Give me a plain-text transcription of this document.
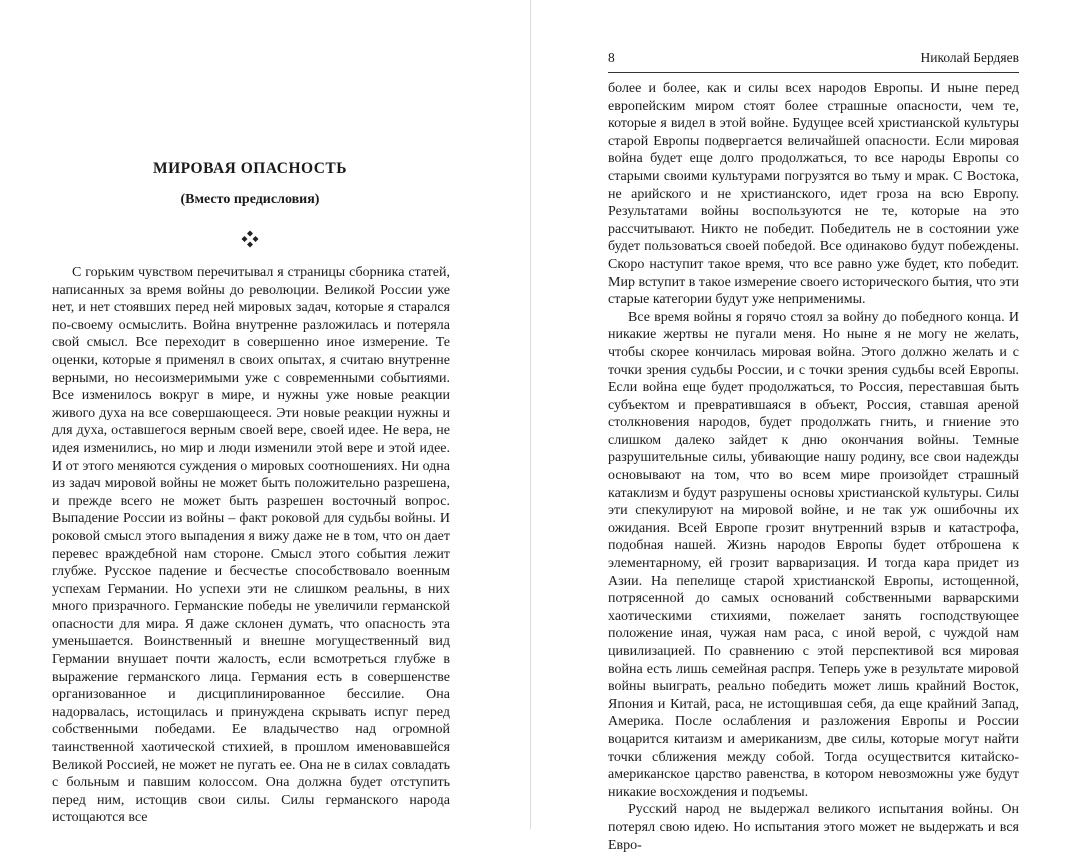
МИРОВАЯ ОПАСНОСТЬ
(Вместо предисловия)

С горьким чувством перечитывал я страницы сборника статей, написанных за время войны до революции. Великой России уже нет, и нет стоявших перед ней мировых задач, которые я старался по-своему осмыслить. Война внутренне разложилась и потеряла свой смысл. Все переходит в совершенно иное измерение. Те оценки, которые я применял в своих опытах, я считаю внутренне верными, но несоизмеримыми уже с современными событиями. Все изменилось вокруг в мире, и нужны уже новые реакции живого духа на все совершающееся. Эти новые реакции нужны и для духа, оставшегося верным своей вере, своей идее. Не вера, не идея изменились, но мир и люди изменили этой вере и этой идее. И от этого меняются суждения о мировых соотношениях. Ни одна из задач мировой войны не может быть положительно разрешена, и прежде всего не может быть разрешен восточный вопрос. Выпадение России из войны – факт роковой для судьбы войны. И роковой смысл этого выпадения я вижу даже не в том, что он дает перевес враждебной нам стороне. Смысл этого события лежит глубже. Русское падение и бесчестье способствовало военным успехам Германии. Но успехи эти не слишком реальны, в них много призрачного. Германские победы не увеличили германской опасности для мира. Я даже склонен думать, что опасность эта уменьшается. Воинственный и внешне могущественный вид Германии внушает почти жалость, если всмотреться глубже в выражение германского лица. Германия есть в совершенстве организованное и дисциплинированное бессилие. Она надорвалась, истощилась и принуждена скрывать испуг перед собственными победами. Ее владычество над огромной таинственной хаотической стихией, в прошлом именовавшейся Великой Россией, не может не пугать ее. Она не в силах совладать с больным и павшим колоссом. Она должна будет отступить перед ним, истощив свои силы. Силы германского народа истощаются все

8	Николай Бердяев

более и более, как и силы всех народов Европы. И ныне перед европейским миром стоят более страшные опасности, чем те, которые я видел в этой войне. Будущее всей христианской культуры старой Европы подвергается величайшей опасности. Если мировая война будет еще долго продолжаться, то все народы Европы со старыми своими культурами погрузятся во тьму и мрак. С Востока, не арийского и не христианского, идет гроза на всю Европу. Результатами войны воспользуются не те, которые на это рассчитывают. Никто не победит. Победитель не в состоянии уже будет пользоваться своей победой. Все одинаково будут побеждены. Скоро наступит такое время, что все равно уже будет, кто победит. Мир вступит в такое измерение своего исторического бытия, что эти старые категории будут уже неприменимы.

Все время войны я горячо стоял за войну до победного конца. И никакие жертвы не пугали меня. Но ныне я не могу не желать, чтобы скорее кончилась мировая война. Этого должно желать и с точки зрения судьбы России, и с точки зрения судьбы всей Европы. Если война еще будет продолжаться, то Россия, переставшая быть субъектом и превратившаяся в объект, Россия, ставшая ареной столкновения народов, будет продолжать гнить, и гниение это слишком далеко зайдет к дню окончания войны. Темные разрушительные силы, убивающие нашу родину, все свои надежды основывают на том, что во всем мире произойдет страшный катаклизм и будут разрушены основы христианской культуры. Силы эти спекулируют на мировой войне, и не так уж ошибочны их ожидания. Всей Европе грозит внутренний взрыв и катастрофа, подобная нашей. Жизнь народов Европы будет отброшена к элементарному, ей грозит варваризация. И тогда кара придет из Азии. На пепелище старой христианской Европы, истощенной, потрясенной до самых оснований собственными варварскими хаотическими стихиями, пожелает занять господствующее положение иная, чужая нам раса, с иной верой, с чуждой нам цивилизацией. По сравнению с этой перспективой вся мировая война есть лишь семейная распря. Теперь уже в результате мировой войны выиграть, реально победить может лишь крайний Восток, Япония и Китай, раса, не истощившая себя, да еще крайний Запад, Америка. После ослабления и разложения Европы и России воцарится китаизм и американизм, две силы, которые могут найти точки сближения между собой. Тогда осуществится китайско-американское царство равенства, в котором невозможны уже будут никакие восхождения и подъемы.

Русский народ не выдержал великого испытания войны. Он потерял свою идею. Но испытания этого может не выдержать и вся Евро-
